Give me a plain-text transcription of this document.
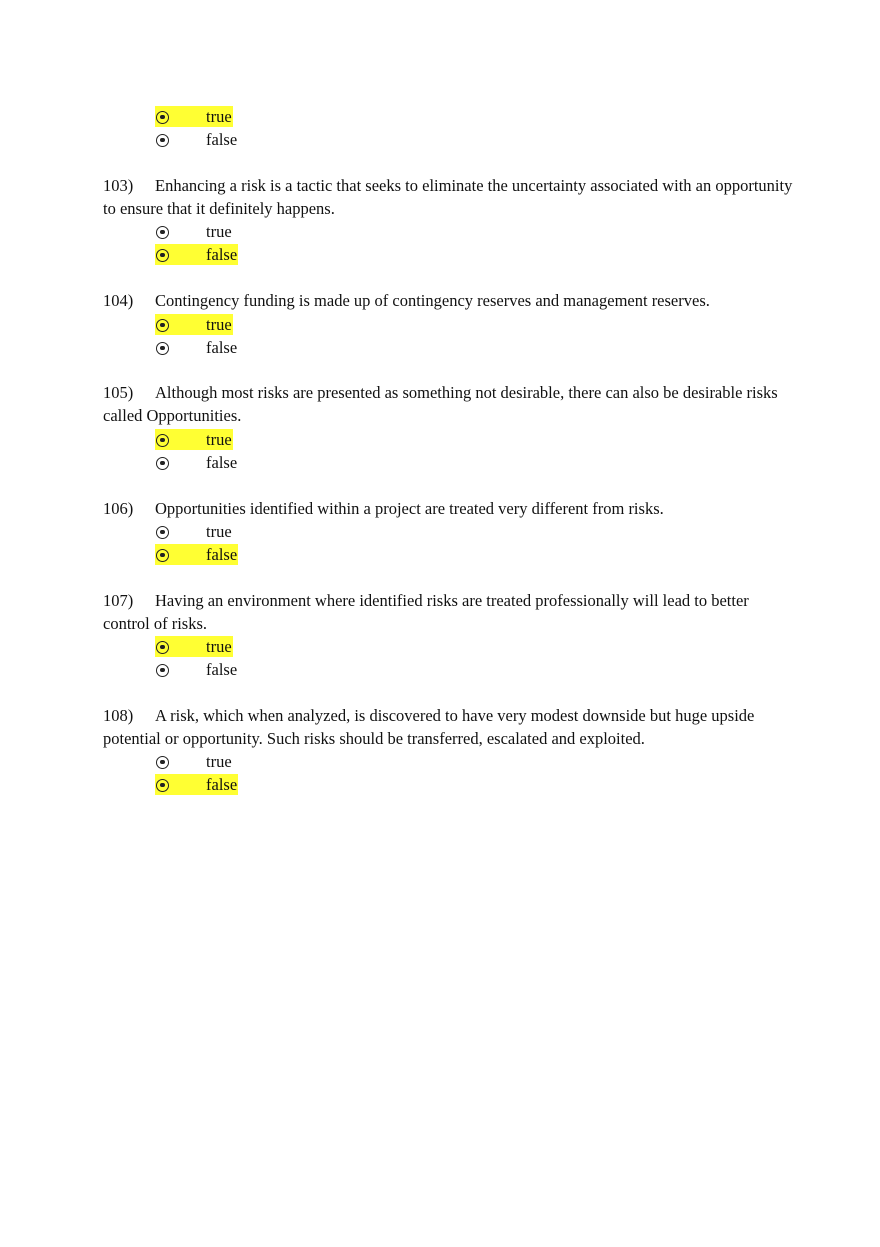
true
false
103) Enhancing a risk is a tactic that seeks to eliminate the uncertainty associated with an opportunity to ensure that it definitely happens.
true
false
104) Contingency funding is made up of contingency reserves and management reserves.
true
false
105) Although most risks are presented as something not desirable, there can also be desirable risks called Opportunities.
true
false
106) Opportunities identified within a project are treated very different from risks.
true
false
107) Having an environment where identified risks are treated professionally will lead to better control of risks.
true
false
108) A risk, which when analyzed, is discovered to have very modest downside but huge upside potential or opportunity. Such risks should be transferred, escalated and exploited.
true
false
